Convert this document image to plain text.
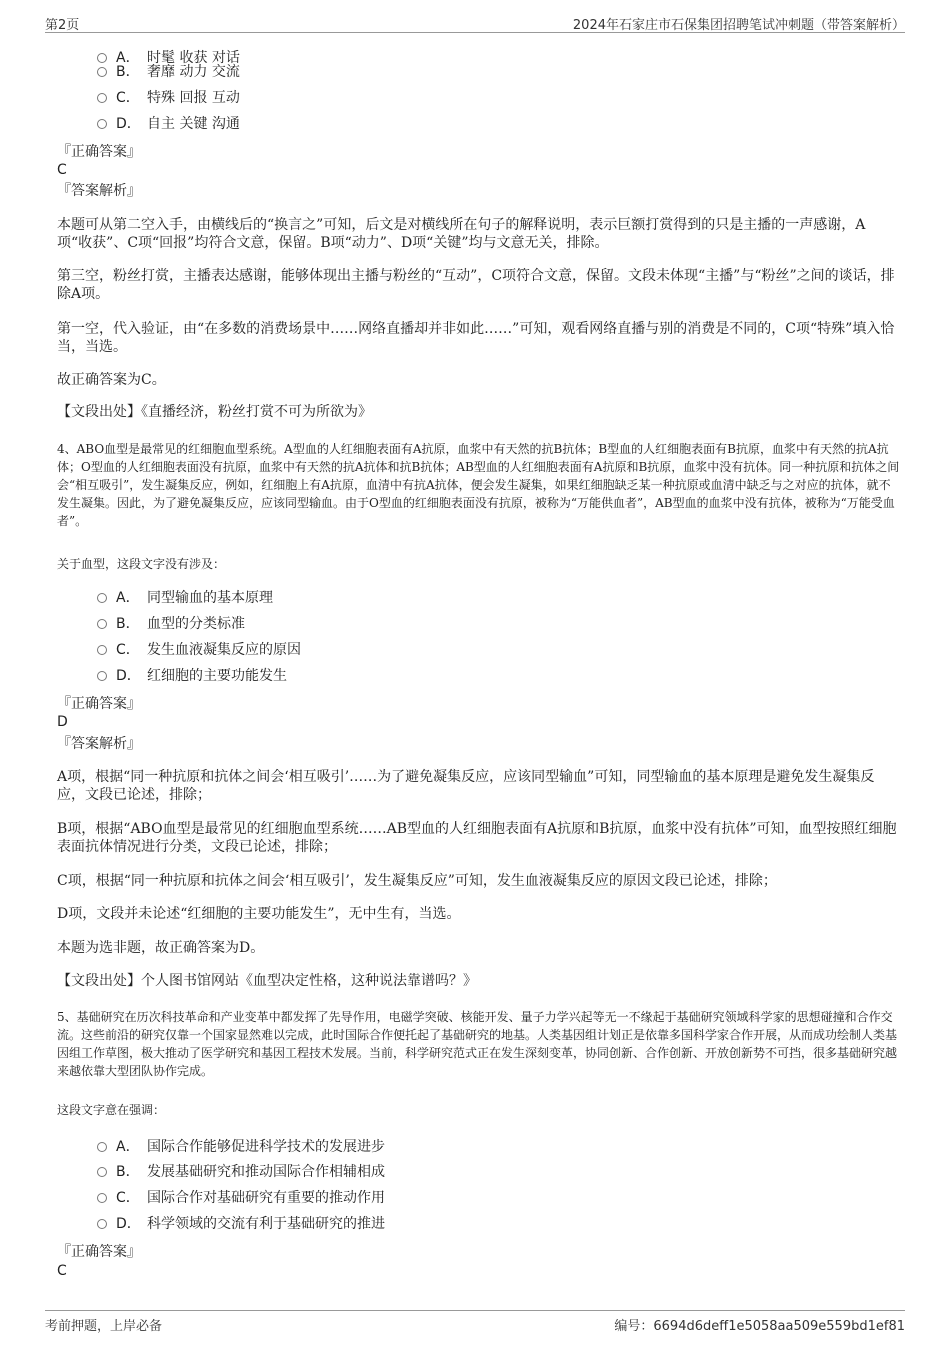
第2页	2024年石家庄市石保集团招聘笔试冲刺题（带答案解析）
A． 时髦 收获 对话
B． 奢靡 动力 交流
C． 特殊 回报 互动
D． 自主 关键 沟通
『正确答案』
C
『答案解析』
本题可从第二空入手，由横线后的“换言之”可知，后文是对横线所在句子的解释说明，表示巨额打赏得到的只是主播的一声感谢，A项“收获”、C项“回报”均符合文意，保留。B项“动力”、D项“关键”均与文意无关，排除。
第三空，粉丝打赏，主播表达感谢，能够体现出主播与粉丝的“互动”，C项符合文意，保留。文段未体现“主播”与“粉丝”之间的谈话，排除A项。
第一空，代入验证，由“在多数的消费场景中……网络直播却并非如此……”可知，观看网络直播与别的消费是不同的，C项“特殊”填入恰当，当选。
故正确答案为C。
【文段出处】《直播经济，粉丝打赏不可为所欲为》
4、ABO血型是最常见的红细胞血型系统。A型血的人红细胞表面有A抗原，血浆中有天然的抗B抗体；B型血的人红细胞表面有B抗原，血浆中有天然的抗A抗体；O型血的人红细胞表面没有抗原，血浆中有天然的抗A抗体和抗B抗体；AB型血的人红细胞表面有A抗原和B抗原，血浆中没有抗体。同一种抗原和抗体之间会“相互吸引”，发生凝集反应，例如，红细胞上有A抗原，血清中有抗A抗体，便会发生凝集，如果红细胞缺乏某一种抗原或血清中缺乏与之对应的抗体，就不发生凝集。因此，为了避免凝集反应，应该同型输血。由于O型血的红细胞表面没有抗原，被称为“万能供血者”，AB型血的血浆中没有抗体，被称为“万能受血者”。
关于血型，这段文字没有涉及：
A． 同型输血的基本原理
B． 血型的分类标准
C． 发生血液凝集反应的原因
D． 红细胞的主要功能发生
『正确答案』
D
『答案解析』
A项，根据“同一种抗原和抗体之间会‘相互吸引’……为了避免凝集反应，应该同型输血”可知，同型输血的基本原理是避免发生凝集反应，文段已论述，排除；
B项，根据“ABO血型是最常见的红细胞血型系统……AB型血的人红细胞表面有A抗原和B抗原，血浆中没有抗体”可知，血型按照红细胞表面抗体情况进行分类，文段已论述，排除；
C项，根据“同一种抗原和抗体之间会‘相互吸引’，发生凝集反应”可知，发生血液凝集反应的原因文段已论述，排除；
D项，文段并未论述“红细胞的主要功能发生”，无中生有，当选。
本题为选非题，故正确答案为D。
【文段出处】个人图书馆网站《血型决定性格，这种说法靠谱吗？》
5、基础研究在历次科技革命和产业变革中都发挥了先导作用，电磁学突破、核能开发、量子力学兴起等无一不缘起于基础研究领域科学家的思想碰撞和合作交流。这些前沿的研究仅靠一个国家显然难以完成，此时国际合作便托起了基础研究的地基。人类基因组计划正是依靠多国科学家合作开展，从而成功绘制人类基因组工作草图，极大推动了医学研究和基因工程技术发展。当前，科学研究范式正在发生深刻变革，协同创新、合作创新、开放创新势不可挡，很多基础研究越来越依靠大型团队协作完成。
这段文字意在强调：
A． 国际合作能够促进科学技术的发展进步
B． 发展基础研究和推动国际合作相辅相成
C． 国际合作对基础研究有重要的推动作用
D． 科学领域的交流有利于基础研究的推进
『正确答案』
C
考前押题，上岸必备	编号：6694d6deff1e5058aa509e559bd1ef81
